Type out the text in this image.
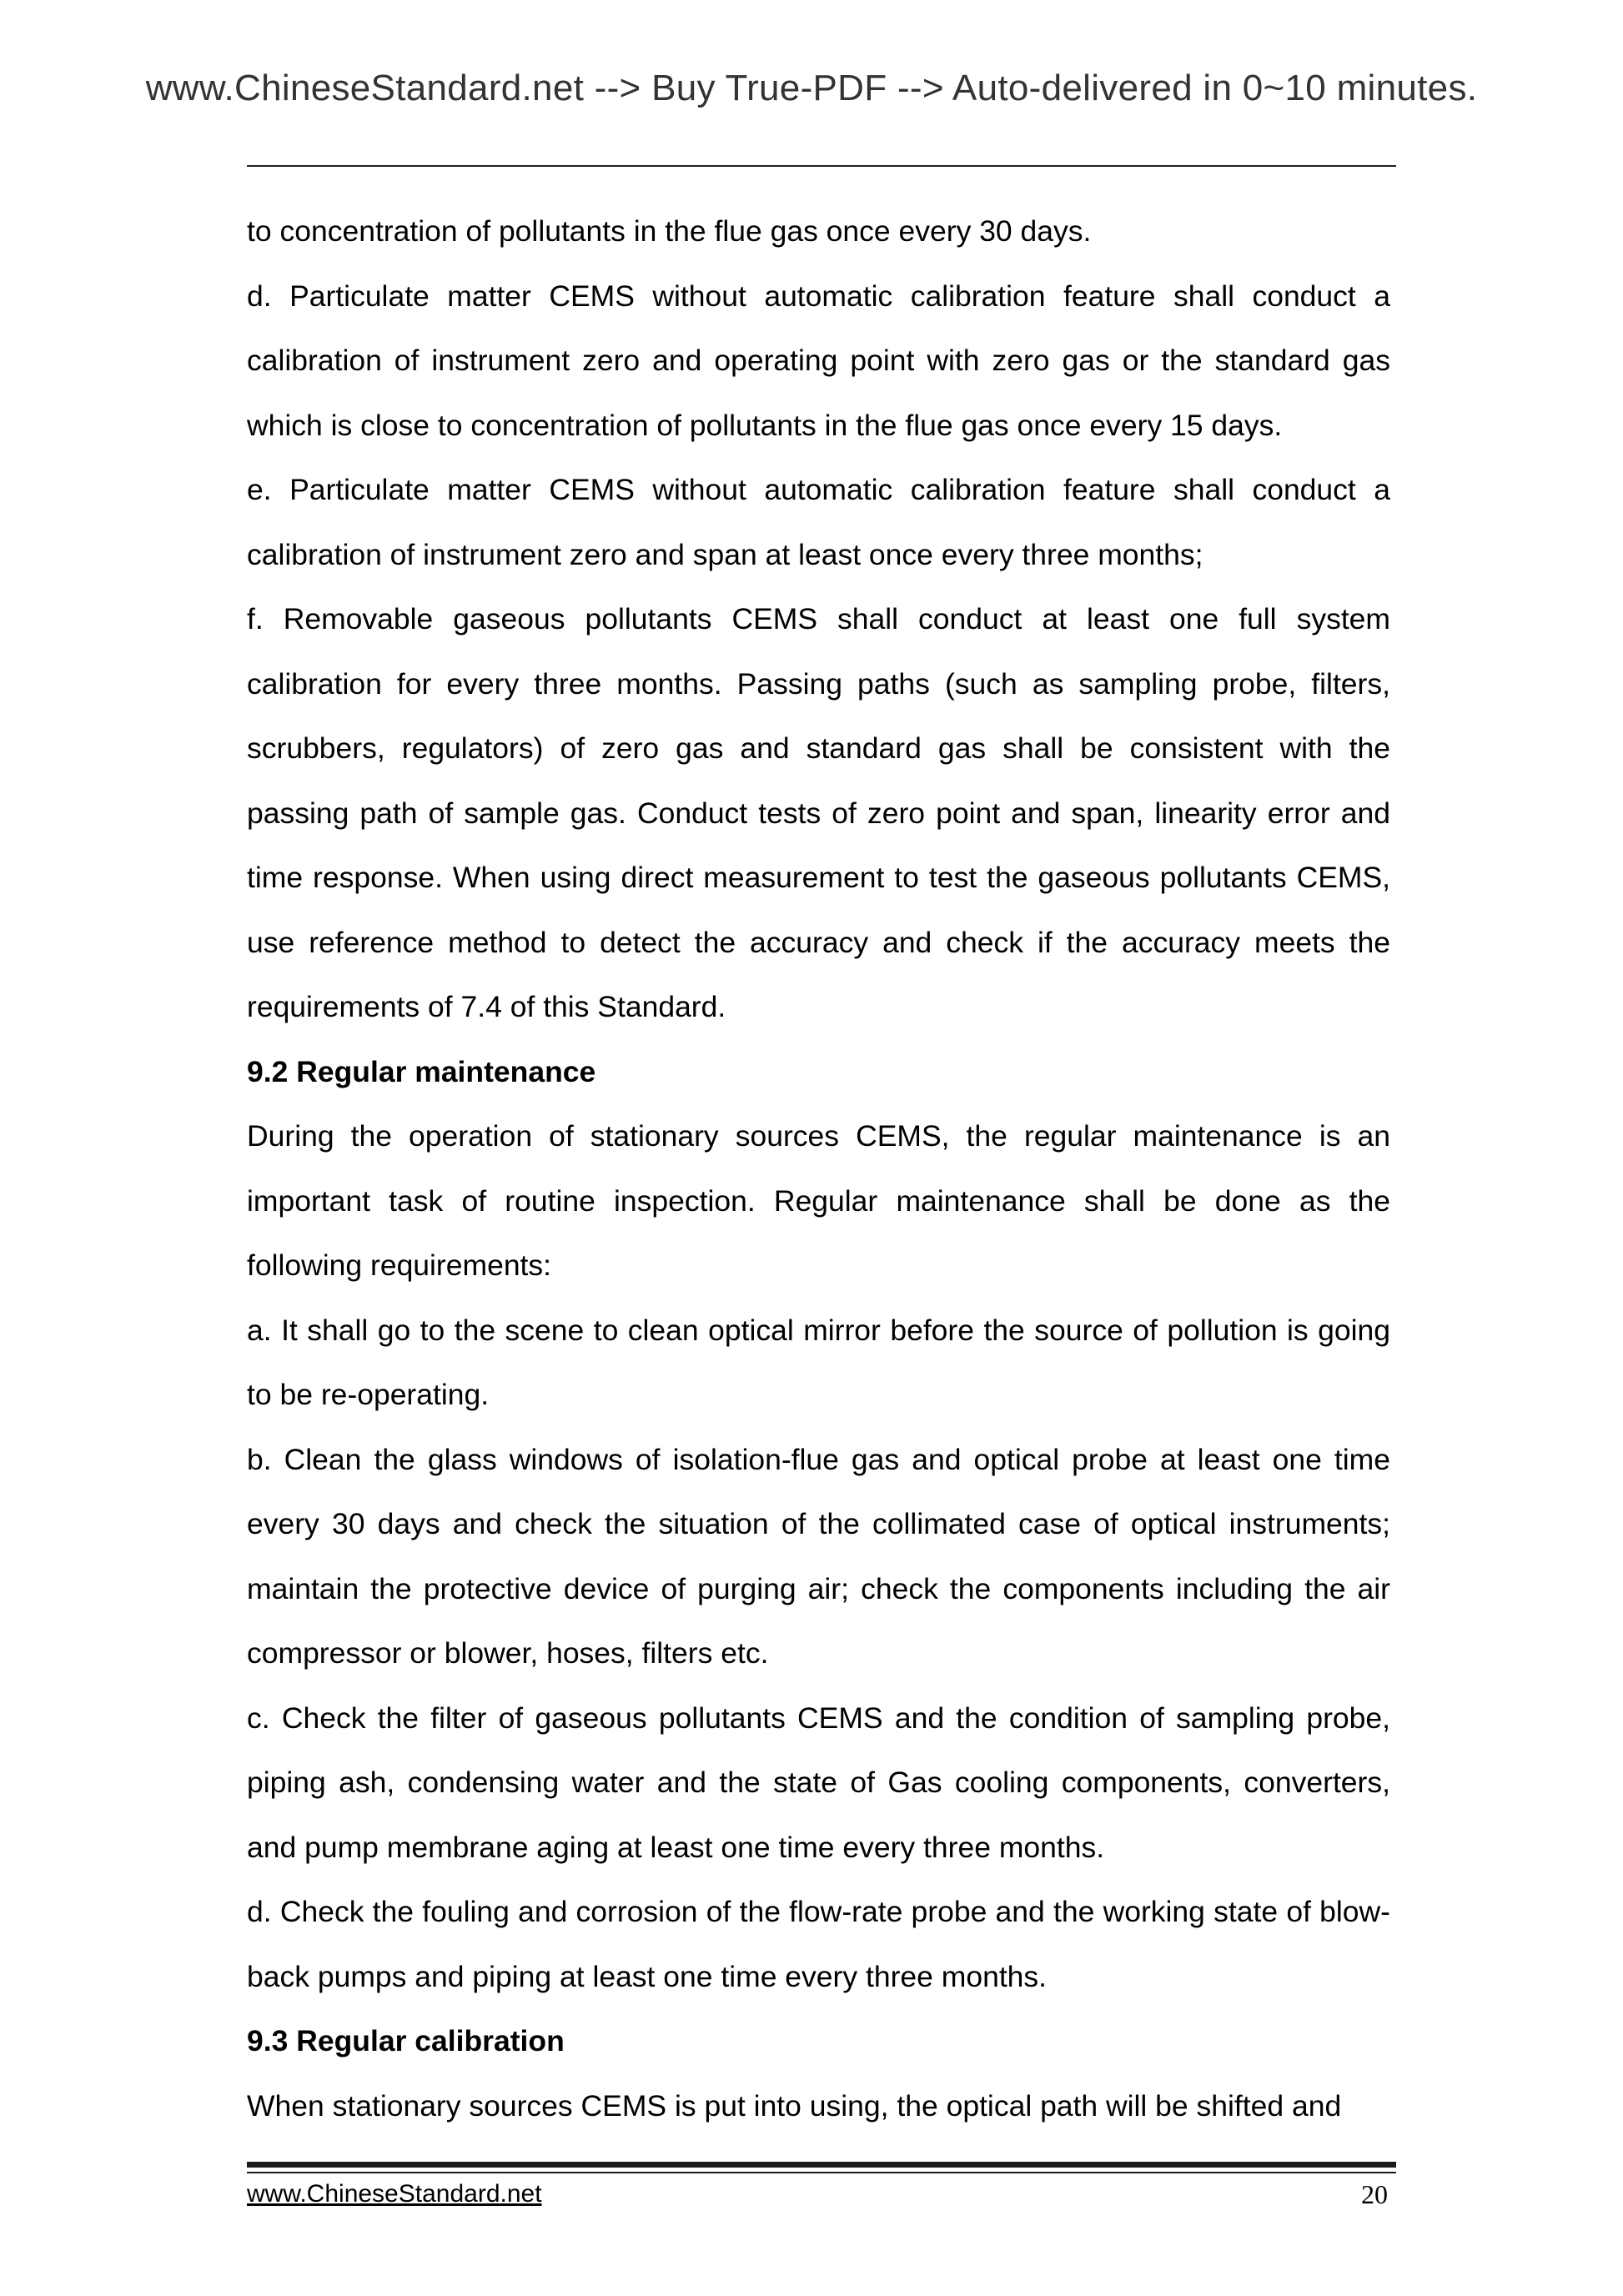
www.ChineseStandard.net --> Buy True-PDF --> Auto-delivered in 0~10 minutes.

to concentration of pollutants in the flue gas once every 30 days.

d. Particulate matter CEMS without automatic calibration feature shall conduct a calibration of instrument zero and operating point with zero gas or the standard gas which is close to concentration of pollutants in the flue gas once every 15 days.

e. Particulate matter CEMS without automatic calibration feature shall conduct a calibration of instrument zero and span at least once every three months;

f. Removable gaseous pollutants CEMS shall conduct at least one full system calibration for every three months. Passing paths (such as sampling probe, filters, scrubbers, regulators) of zero gas and standard gas shall be consistent with the passing path of sample gas. Conduct tests of zero point and span, linearity error and time response. When using direct measurement to test the gaseous pollutants CEMS, use reference method to detect the accuracy and check if the accuracy meets the requirements of 7.4 of this Standard.

9.2 Regular maintenance

During the operation of stationary sources CEMS, the regular maintenance is an important task of routine inspection. Regular maintenance shall be done as the following requirements:

a. It shall go to the scene to clean optical mirror before the source of pollution is going to be re-operating.

b. Clean the glass windows of isolation-flue gas and optical probe at least one time every 30 days and check the situation of the collimated case of optical instruments; maintain the protective device of purging air; check the components including the air compressor or blower, hoses, filters etc.

c. Check the filter of gaseous pollutants CEMS and the condition of sampling probe, piping ash, condensing water and the state of Gas cooling components, converters, and pump membrane aging at least one time every three months.

d. Check the fouling and corrosion of the flow-rate probe and the working state of blow-back pumps and piping at least one time every three months.

9.3 Regular calibration

When stationary sources CEMS is put into using, the optical path will be shifted and

www.ChineseStandard.net	20
